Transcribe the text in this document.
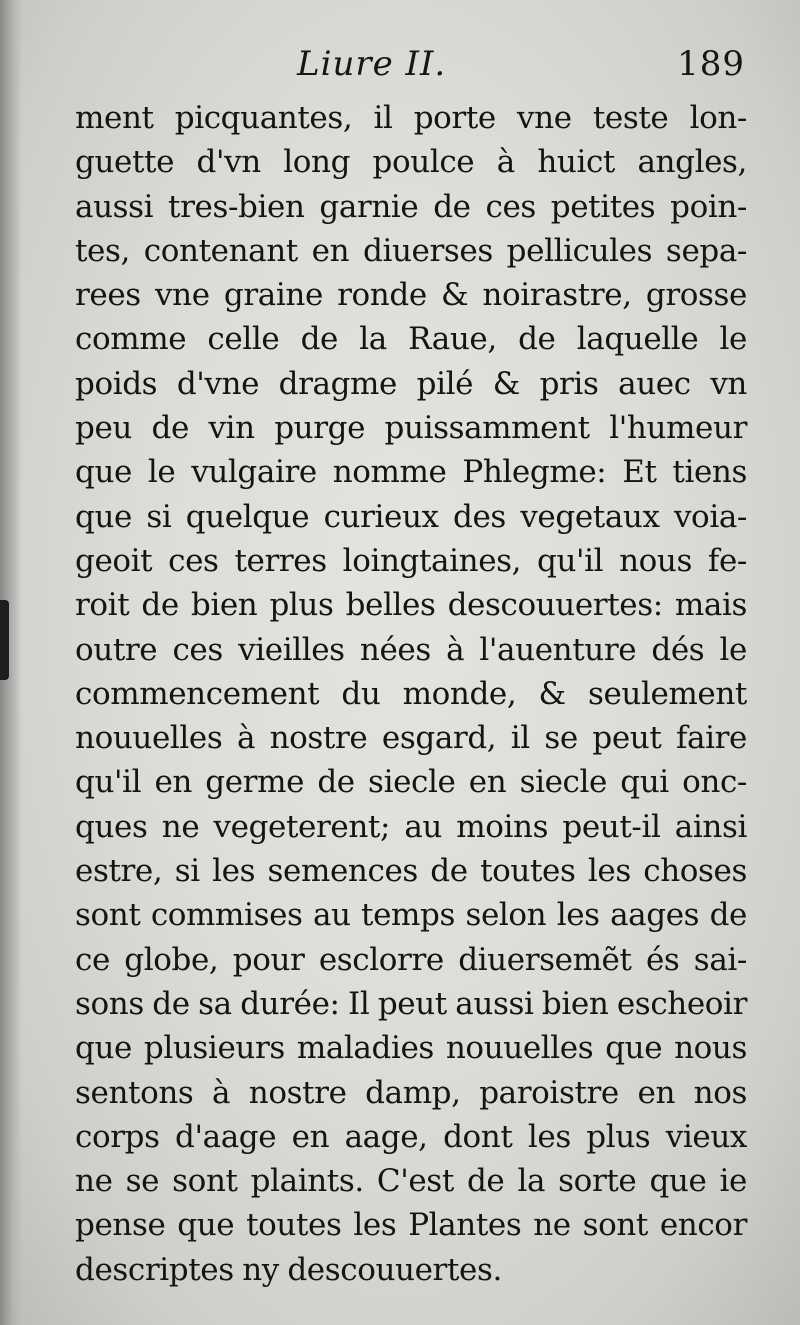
Liure II.	189
ment picquantes, il porte vne teste lon-
guette d'vn long poulce à huict angles,
aussi tres-bien garnie de ces petites poin-
tes, contenant en diuerses pellicules sepa-
rees vne graine ronde & noirastre, grosse
comme celle de la Raue, de laquelle le
poids d'vne dragme pilé & pris auec vn
peu de vin purge puissamment l'humeur
que le vulgaire nomme Phlegme: Et tiens
que si quelque curieux des vegetaux voia-
geoit ces terres loingtaines, qu'il nous fe-
roit de bien plus belles descouuertes: mais
outre ces vieilles nées à l'auenture dés le
commencement du monde, & seulement
nouuelles à nostre esgard, il se peut faire
qu'il en germe de siecle en siecle qui onc-
ques ne vegeterent; au moins peut-il ainsi
estre, si les semences de toutes les choses
sont commises au temps selon les aages de
ce globe, pour esclorre diuersemẽt és sai-
sons de sa durée: Il peut aussi bien escheoir
que plusieurs maladies nouuelles que nous
sentons à nostre damp, paroistre en nos
corps d'aage en aage, dont les plus vieux
ne se sont plaints. C'est de la sorte que ie
pense que toutes les Plantes ne sont encor
descriptes ny descouuertes.
